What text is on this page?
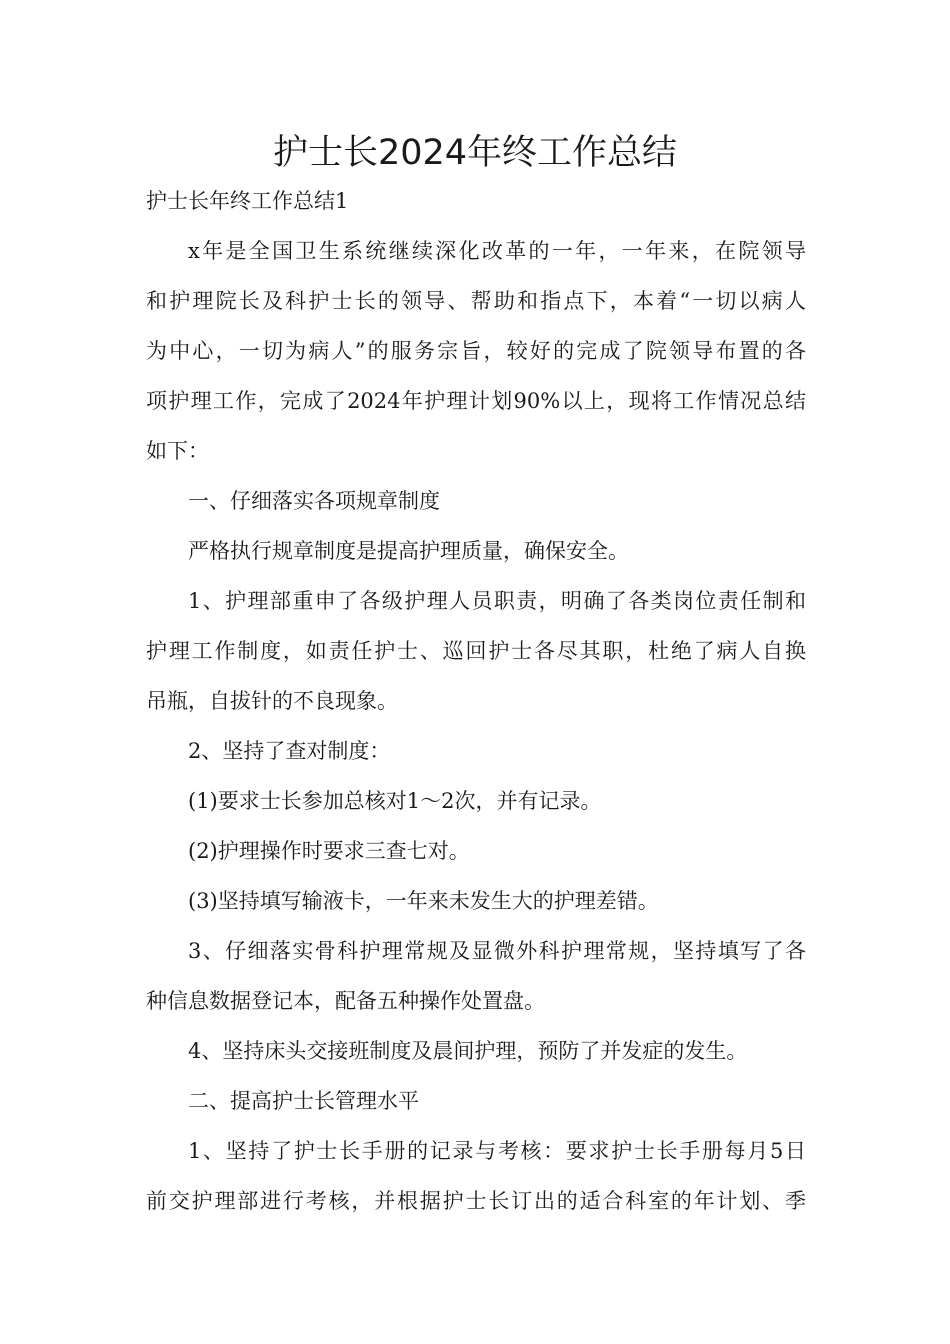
护士长2024年终工作总结

护士长年终工作总结1

x年是全国卫生系统继续深化改革的一年，一年来，在院领导

和护理院长及科护士长的领导、帮助和指点下，本着“一切以病人

为中心，一切为病人”的服务宗旨，较好的完成了院领导布置的各

项护理工作，完成了2024年护理计划90%以上，现将工作情况总结

如下：

一、仔细落实各项规章制度

严格执行规章制度是提高护理质量，确保安全。

1、护理部重申了各级护理人员职责，明确了各类岗位责任制和

护理工作制度，如责任护士、巡回护士各尽其职，杜绝了病人自换

吊瓶，自拔针的不良现象。

2、坚持了查对制度：

(1)要求士长参加总核对1～2次，并有记录。

(2)护理操作时要求三查七对。

(3)坚持填写输液卡，一年来未发生大的护理差错。

3、仔细落实骨科护理常规及显微外科护理常规，坚持填写了各

种信息数据登记本，配备五种操作处置盘。

4、坚持床头交接班制度及晨间护理，预防了并发症的发生。

二、提高护士长管理水平

1、坚持了护士长手册的记录与考核：要求护士长手册每月5日

前交护理部进行考核，并根据护士长订出的适合科室的年计划、季
